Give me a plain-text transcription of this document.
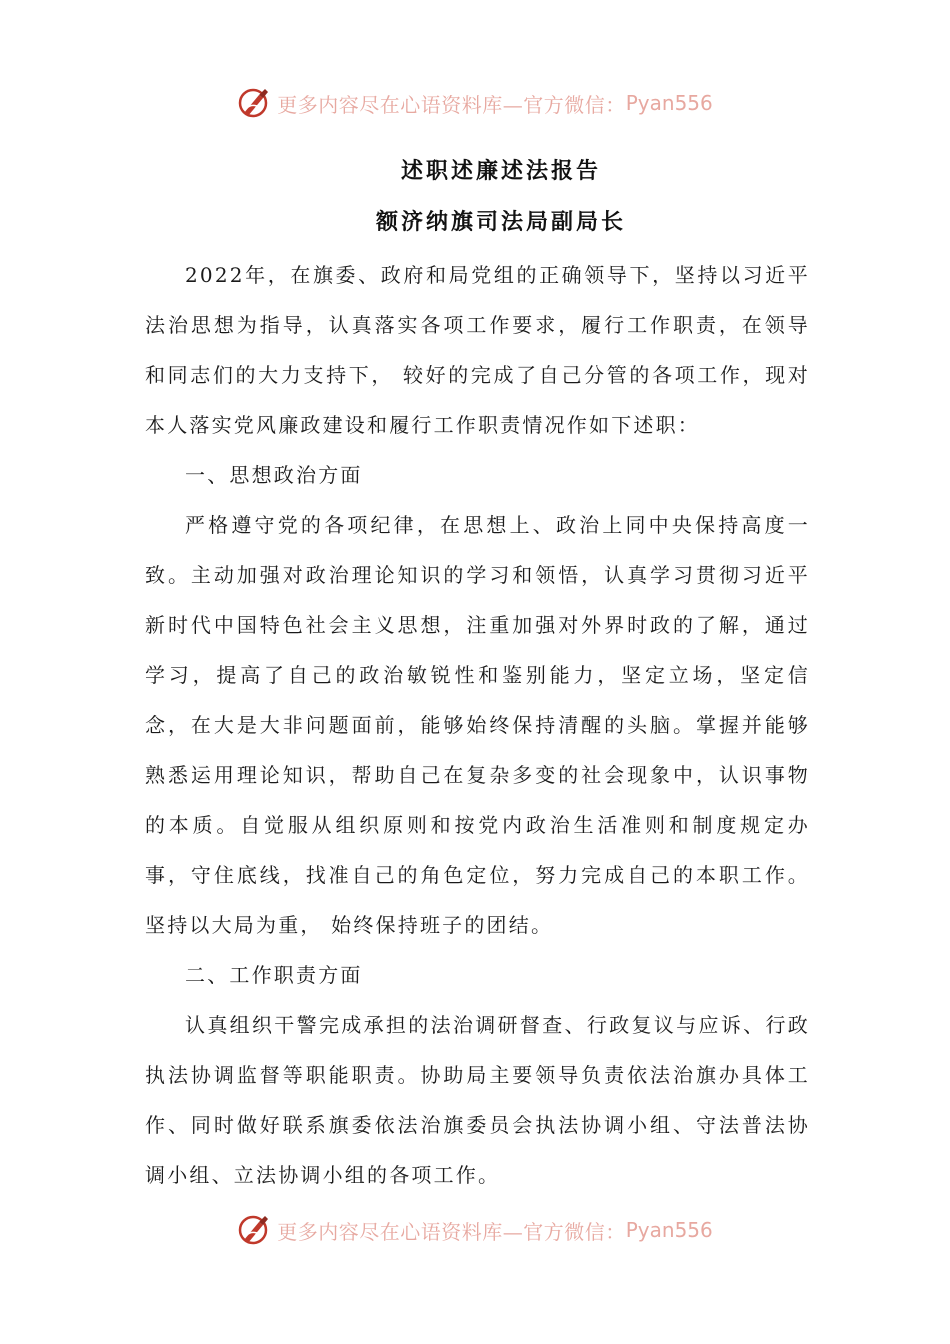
更多内容尽在心语资料库—官方微信： Pyan556
述职述廉述法报告
额济纳旗司法局副局长

2022年，在旗委、政府和局党组的正确领导下，坚持以习近平法治思想为指导，认真落实各项工作要求，履行工作职责，在领导和同志们的大力支持下， 较好的完成了自己分管的各项工作，现对本人落实党风廉政建设和履行工作职责情况作如下述职：

一、思想政治方面

严格遵守党的各项纪律，在思想上、政治上同中央保持高度一致。主动加强对政治理论知识的学习和领悟，认真学习贯彻习近平新时代中国特色社会主义思想，注重加强对外界时政的了解，通过学习，提高了自己的政治敏锐性和鉴别能力，坚定立场，坚定信念，在大是大非问题面前，能够始终保持清醒的头脑。掌握并能够熟悉运用理论知识，帮助自己在复杂多变的社会现象中，认识事物的本质。自觉服从组织原则和按党内政治生活准则和制度规定办事，守住底线，找准自己的角色定位，努力完成自己的本职工作。坚持以大局为重， 始终保持班子的团结。

二、工作职责方面

认真组织干警完成承担的法治调研督查、行政复议与应诉、行政执法协调监督等职能职责。协助局主要领导负责依法治旗办具体工作、同时做好联系旗委依法治旗委员会执法协调小组、守法普法协调小组、立法协调小组的各项工作。

更多内容尽在心语资料库—官方微信： Pyan556
